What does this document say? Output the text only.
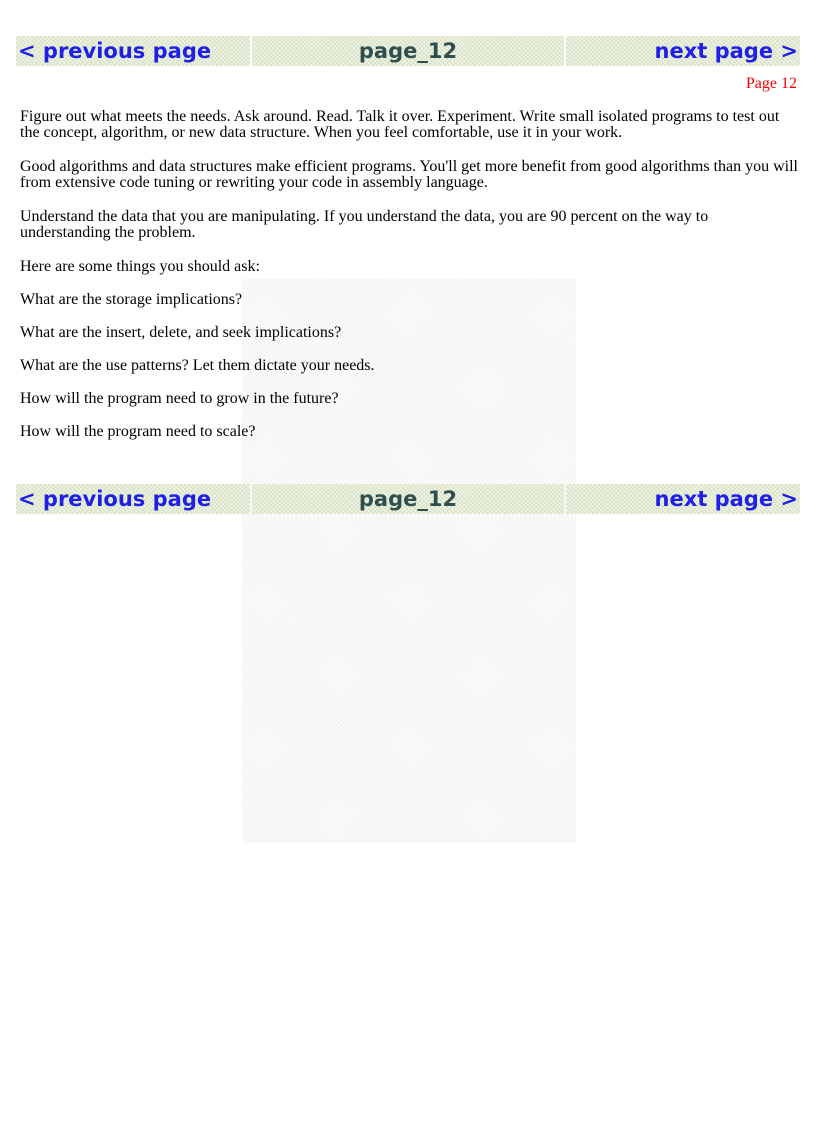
< previous page	page_12	next page >
Page 12

Figure out what meets the needs. Ask around. Read. Talk it over. Experiment. Write small isolated programs to test out the concept, algorithm, or new data structure. When you feel comfortable, use it in your work.

Good algorithms and data structures make efficient programs. You'll get more benefit from good algorithms than you will from extensive code tuning or rewriting your code in assembly language.

Understand the data that you are manipulating. If you understand the data, you are 90 percent on the way to understanding the problem.

Here are some things you should ask:

What are the storage implications?

What are the insert, delete, and seek implications?

What are the use patterns? Let them dictate your needs.

How will the program need to grow in the future?

How will the program need to scale?

< previous page	page_12	next page >
